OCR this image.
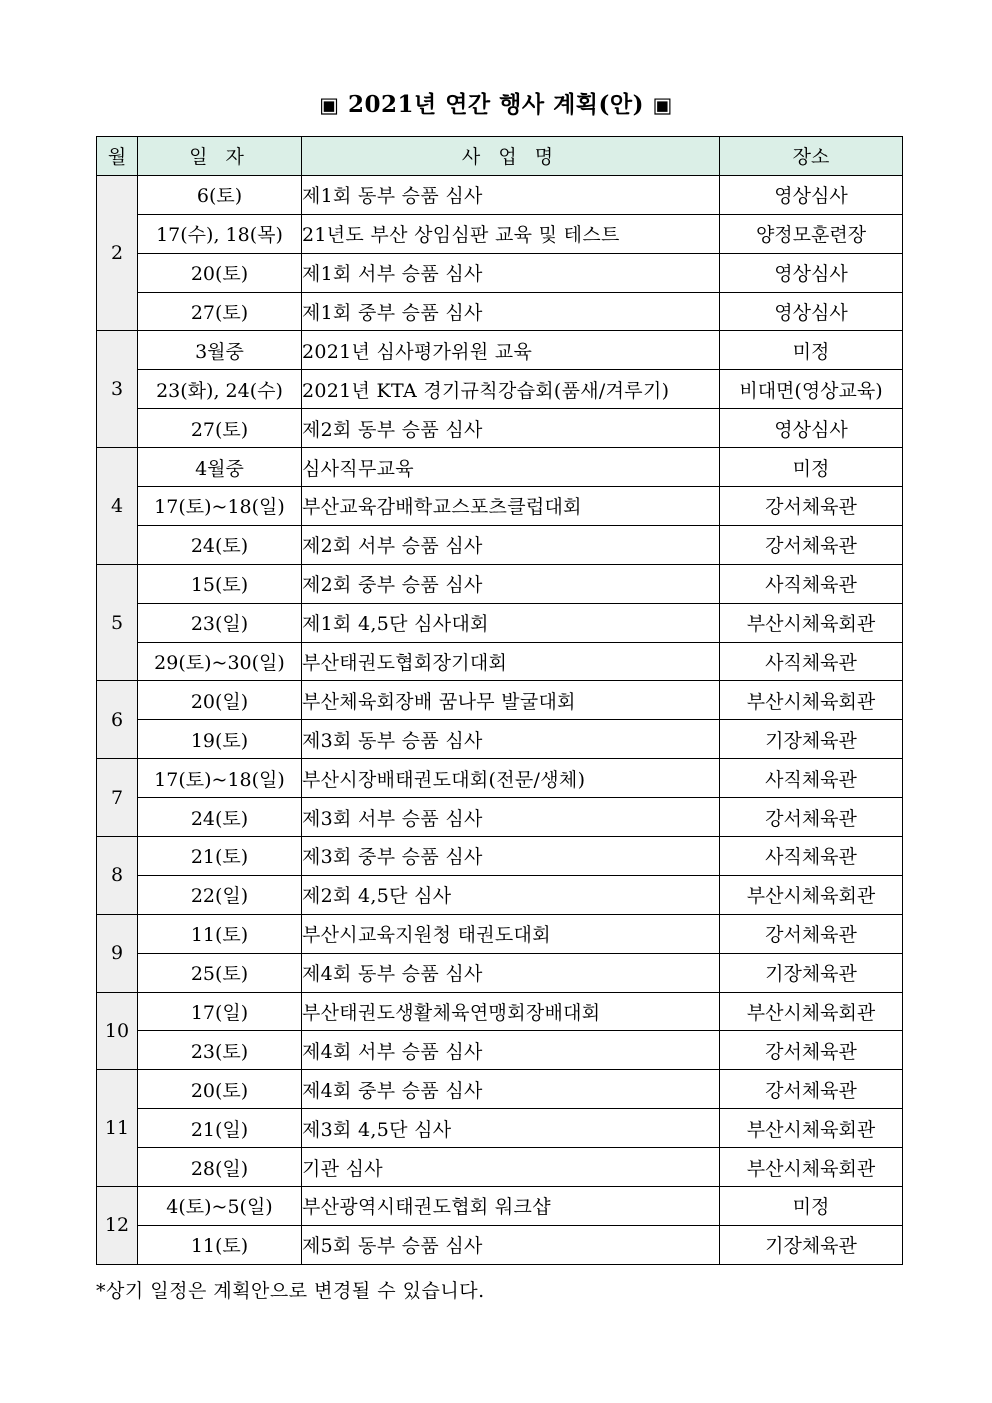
▣ 2021년 연간 행사 계획(안) ▣
월	일 자	사 업 명	장소
2	6(토)	제1회 동부 승품 심사	영상심사
	17(수), 18(목)	21년도 부산 상임심판 교육 및 테스트	양정모훈련장
	20(토)	제1회 서부 승품 심사	영상심사
	27(토)	제1회 중부 승품 심사	영상심사
3	3월중	2021년 심사평가위원 교육	미정
	23(화), 24(수)	2021년 KTA 경기규칙강습회(품새/겨루기)	비대면(영상교육)
	27(토)	제2회 동부 승품 심사	영상심사
4	4월중	심사직무교육	미정
	17(토)~18(일)	부산교육감배학교스포츠클럽대회	강서체육관
	24(토)	제2회 서부 승품 심사	강서체육관
5	15(토)	제2회 중부 승품 심사	사직체육관
	23(일)	제1회 4,5단 심사대회	부산시체육회관
	29(토)~30(일)	부산태권도협회장기대회	사직체육관
6	20(일)	부산체육회장배 꿈나무 발굴대회	부산시체육회관
	19(토)	제3회 동부 승품 심사	기장체육관
7	17(토)~18(일)	부산시장배태권도대회(전문/생체)	사직체육관
	24(토)	제3회 서부 승품 심사	강서체육관
8	21(토)	제3회 중부 승품 심사	사직체육관
	22(일)	제2회 4,5단 심사	부산시체육회관
9	11(토)	부산시교육지원청 태권도대회	강서체육관
	25(토)	제4회 동부 승품 심사	기장체육관
10	17(일)	부산태권도생활체육연맹회장배대회	부산시체육회관
	23(토)	제4회 서부 승품 심사	강서체육관
11	20(토)	제4회 중부 승품 심사	강서체육관
	21(일)	제3회 4,5단 심사	부산시체육회관
	28(일)	기관 심사	부산시체육회관
12	4(토)~5(일)	부산광역시태권도협회 워크샵	미정
	11(토)	제5회 동부 승품 심사	기장체육관
*상기 일정은 계획안으로 변경될 수 있습니다.
